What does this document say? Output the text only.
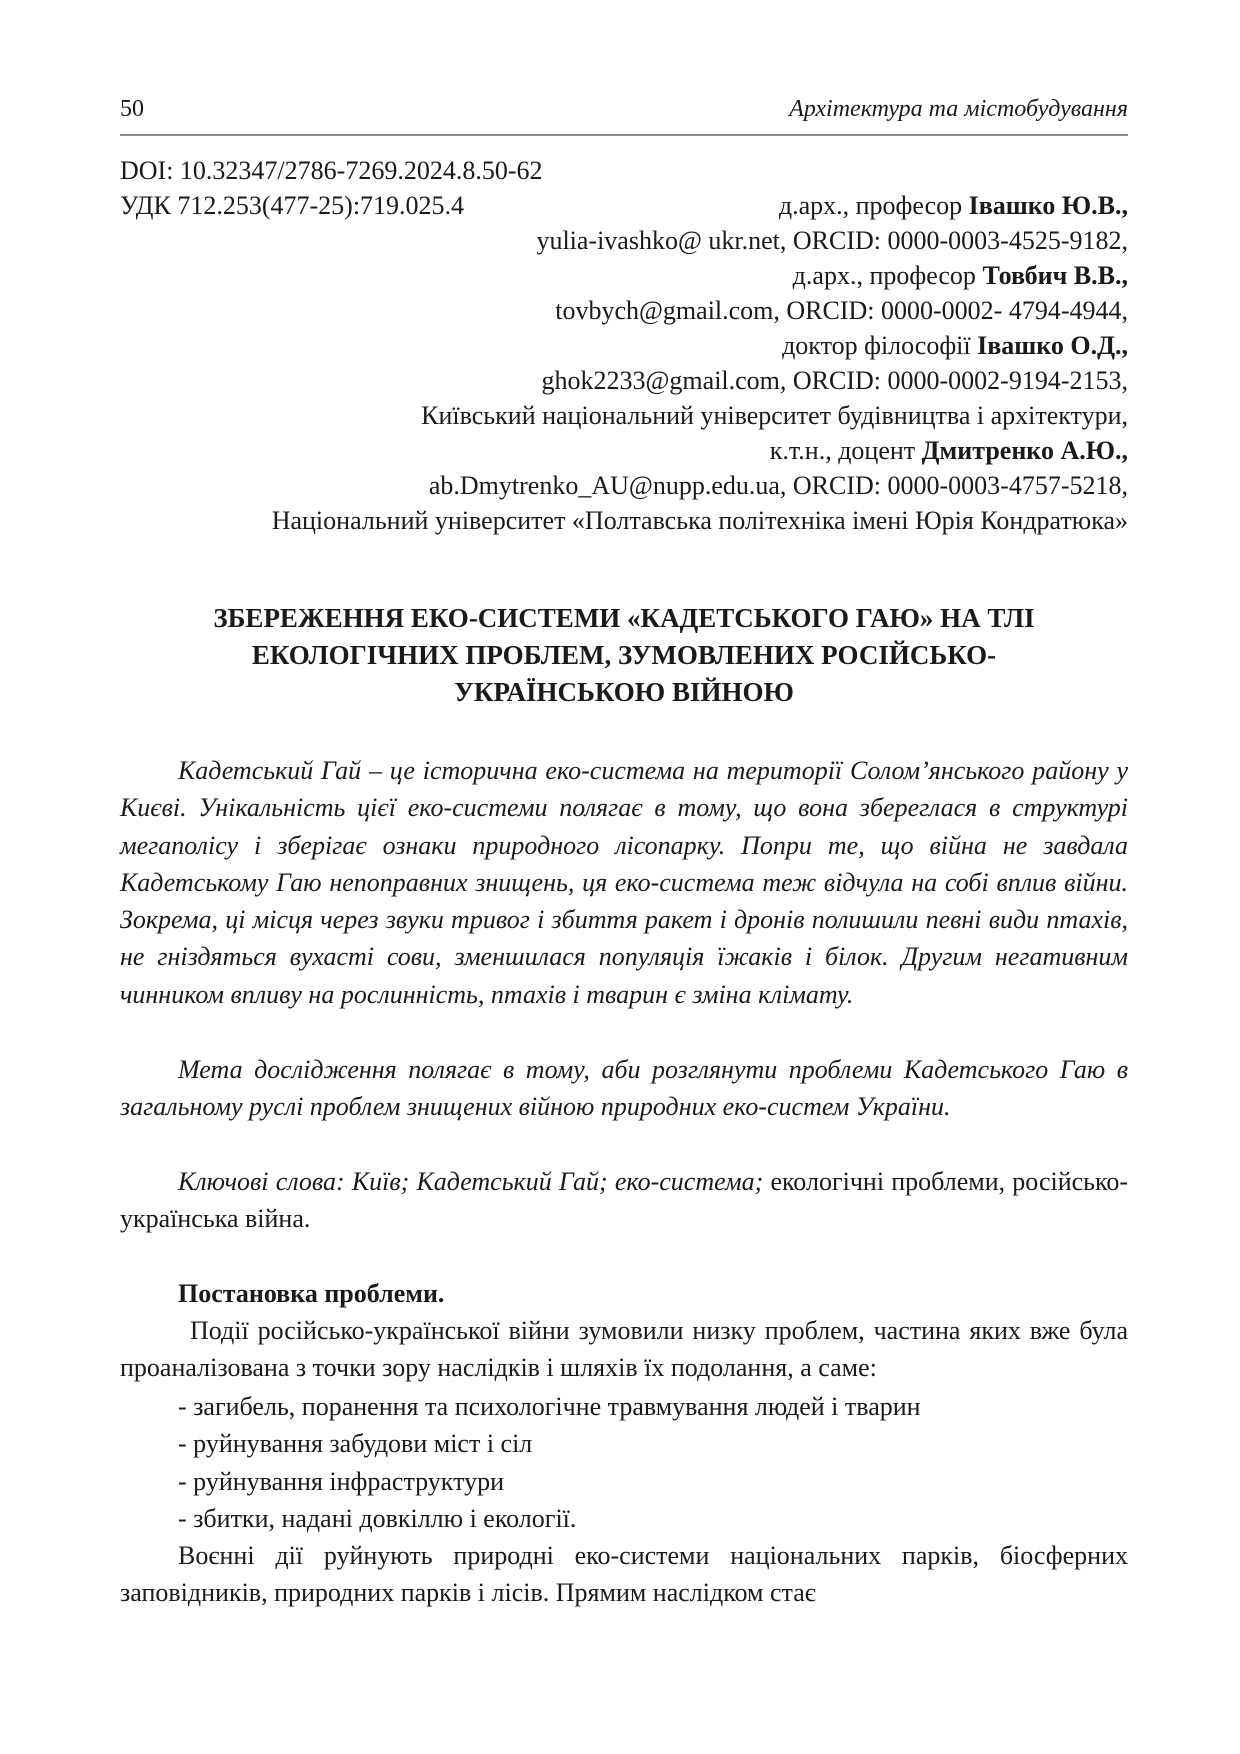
50	Архітектура та містобудування
DOI: 10.32347/2786-7269.2024.8.50-62
УДК 712.253(477-25):719.025.4	д.арх., професор Івашко Ю.В.,
yulia-ivashko@ ukr.net, ORCID: 0000-0003-4525-9182,
д.арх., професор Товбич В.В.,
tovbych@gmail.com, ORCID: 0000-0002- 4794-4944,
доктор філософії Івашко О.Д.,
ghok2233@gmail.com, ORCID: 0000-0002-9194-2153,
Київський національний університет будівництва і архітектури,
к.т.н., доцент Дмитренко А.Ю.,
ab.Dmytrenko_AU@nupp.edu.ua, ORCID: 0000-0003-4757-5218,
Національний університет «Полтавська політехніка імені Юрія Кондратюка»
ЗБЕРЕЖЕННЯ ЕКО-СИСТЕМИ «КАДЕТСЬКОГО ГАЮ» НА ТЛІ
ЕКОЛОГІЧНИХ ПРОБЛЕМ, ЗУМОВЛЕНИХ РОСІЙСЬКО-
УКРАЇНСЬКОЮ ВІЙНОЮ
Кадетський Гай – це історична еко-система на території Солом’янського району у Києві. Унікальність цієї еко-системи полягає в тому, що вона збереглася в структурі мегаполісу і зберігає ознаки природного лісопарку. Попри те, що війна не завдала Кадетському Гаю непоправних знищень, ця еко-система теж відчула на собі вплив війни. Зокрема, ці місця через звуки тривог і збиття ракет і дронів полишили певні види птахів, не гніздяться вухасті сови, зменшилася популяція їжаків і білок. Другим негативним чинником впливу на рослинність, птахів і тварин є зміна клімату.
Мета дослідження полягає в тому, аби розглянути проблеми Кадетського Гаю в загальному руслі проблем знищених війною природних еко-систем України.
Ключові слова: Київ; Кадетський Гай; еко-система; екологічні проблеми, російсько-українська війна.
Постановка проблеми.
Події російсько-української війни зумовили низку проблем, частина яких вже була проаналізована з точки зору наслідків і шляхів їх подолання, а саме:
- загибель, поранення та психологічне травмування людей і тварин
- руйнування забудови міст і сіл
- руйнування інфраструктури
- збитки, надані довкіллю і екології.
Воєнні дії руйнують природні еко-системи національних парків, біосферних заповідників, природних парків і лісів. Прямим наслідком стає
